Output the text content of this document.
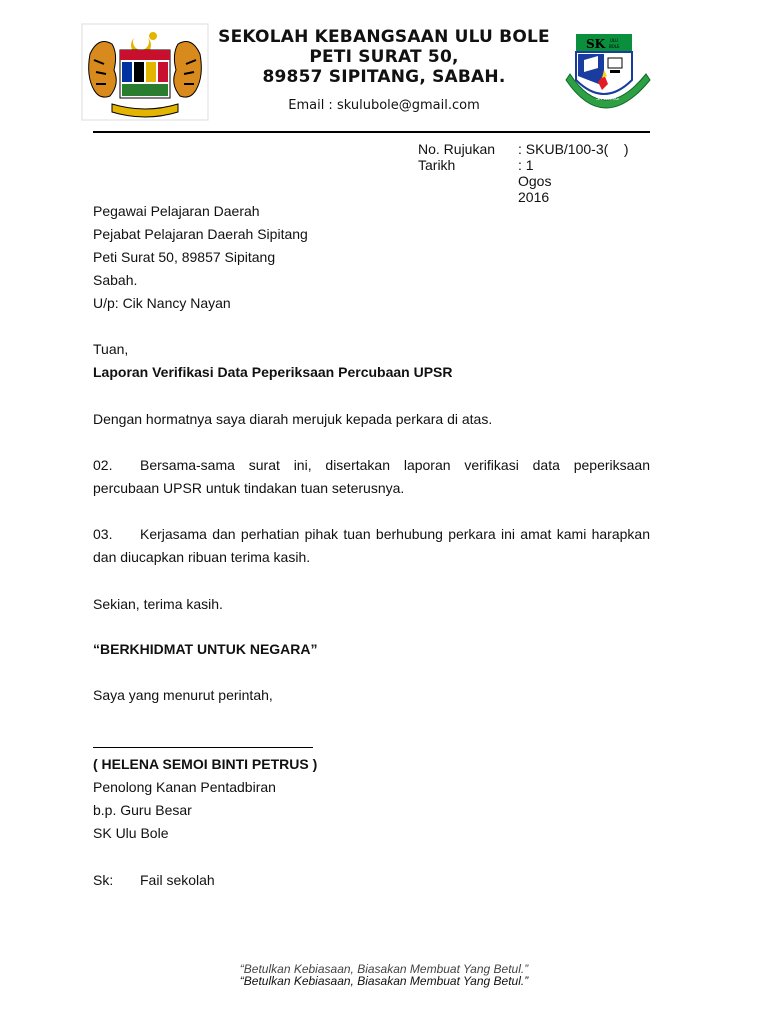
SEKOLAH KEBANGSAAN ULU BOLE
PETI SURAT 50,
89857 SIPITANG, SABAH.
Email : skulubole@gmail.com
SK ULU
BOLE
SIPITANG
No. Rujukan : SKUB/100-3(    )
Tarikh	: 1 Ogos 2016
Pegawai Pelajaran Daerah
Pejabat Pelajaran Daerah Sipitang
Peti Surat 50, 89857 Sipitang
Sabah.
U/p: Cik Nancy Nayan
Tuan,
Laporan Verifikasi Data Peperiksaan Percubaan UPSR
Dengan hormatnya saya diarah merujuk kepada perkara di atas.
02. Bersama-sama surat ini, disertakan laporan verifikasi data peperiksaan
percubaan UPSR untuk tindakan tuan seterusnya.
03. Kerjasama dan perhatian pihak tuan berhubung perkara ini amat kami harapkan
dan diucapkan ribuan terima kasih.
Sekian, terima kasih.
“BERKHIDMAT UNTUK NEGARA”
Saya yang menurut perintah,
( HELENA SEMOI BINTI PETRUS )
Penolong Kanan Pentadbiran
b.p. Guru Besar
SK Ulu Bole
Sk: Fail sekolah
“Betulkan Kebiasaan, Biasakan Membuat Yang Betul.”
“Betulkan Kebiasaan, Biasakan Membuat Yang Betul.”
